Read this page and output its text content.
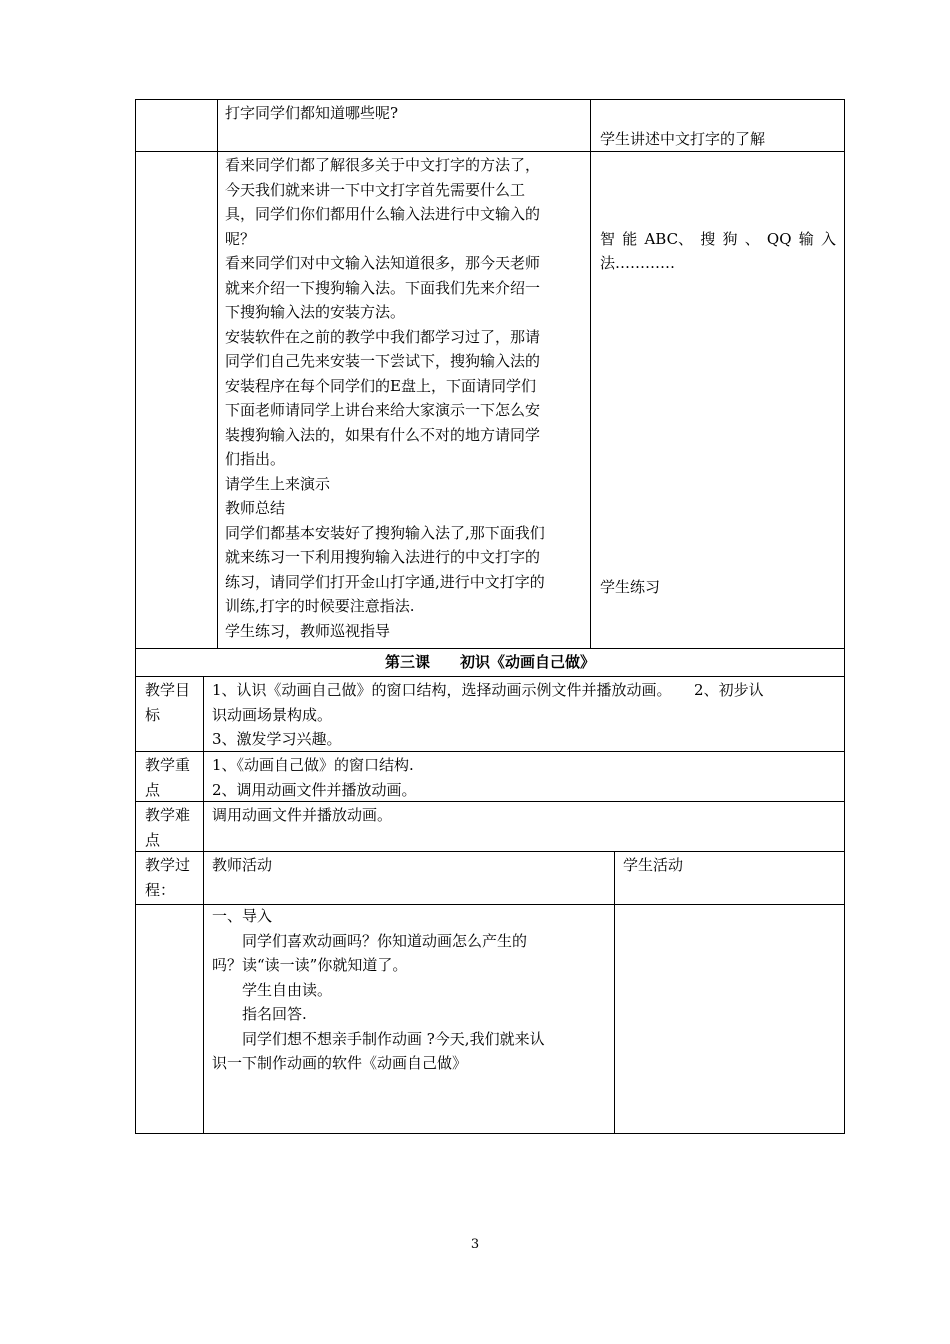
打字同学们都知道哪些呢?
学生讲述中文打字的了解
看来同学们都了解很多关于中文打字的方法了，
今天我们就来讲一下中文打字首先需要什么工
具，同学们你们都用什么输入法进行中文输入的
呢？
看来同学们对中文输入法知道很多，那今天老师
就来介绍一下搜狗输入法。下面我们先来介绍一
下搜狗输入法的安装方法。
安装软件在之前的教学中我们都学习过了，那请
同学们自己先来安装一下尝试下，搜狗输入法的
安装程序在每个同学们的E盘上，下面请同学们
下面老师请同学上讲台来给大家演示一下怎么安
装搜狗输入法的，如果有什么不对的地方请同学
们指出。
请学生上来演示
教师总结
同学们都基本安装好了搜狗输入法了,那下面我们
就来练习一下利用搜狗输入法进行的中文打字的
练习，请同学们打开金山打字通,进行中文打字的
训练,打字的时候要注意指法.
学生练习，教师巡视指导
智 能 ABC、 搜 狗 、 QQ 输 入
法…………
学生练习
第三课　　初识《动画自己做》
教学目
标
1、认识《动画自己做》的窗口结构，选择动画示例文件并播放动画。　　2、初步认
识动画场景构成。
3、激发学习兴趣。
教学重
点
1、《动画自己做》的窗口结构.
2、调用动画文件并播放动画。
教学难
点
调用动画文件并播放动画。
教学过
程：
教师活动	学生活动
一、导入
　　同学们喜欢动画吗？你知道动画怎么产生的
吗？读“读一读”你就知道了。
　　学生自由读。
　　指名回答.
　　同学们想不想亲手制作动画 ?今天,我们就来认
识一下制作动画的软件《动画自己做》
3
